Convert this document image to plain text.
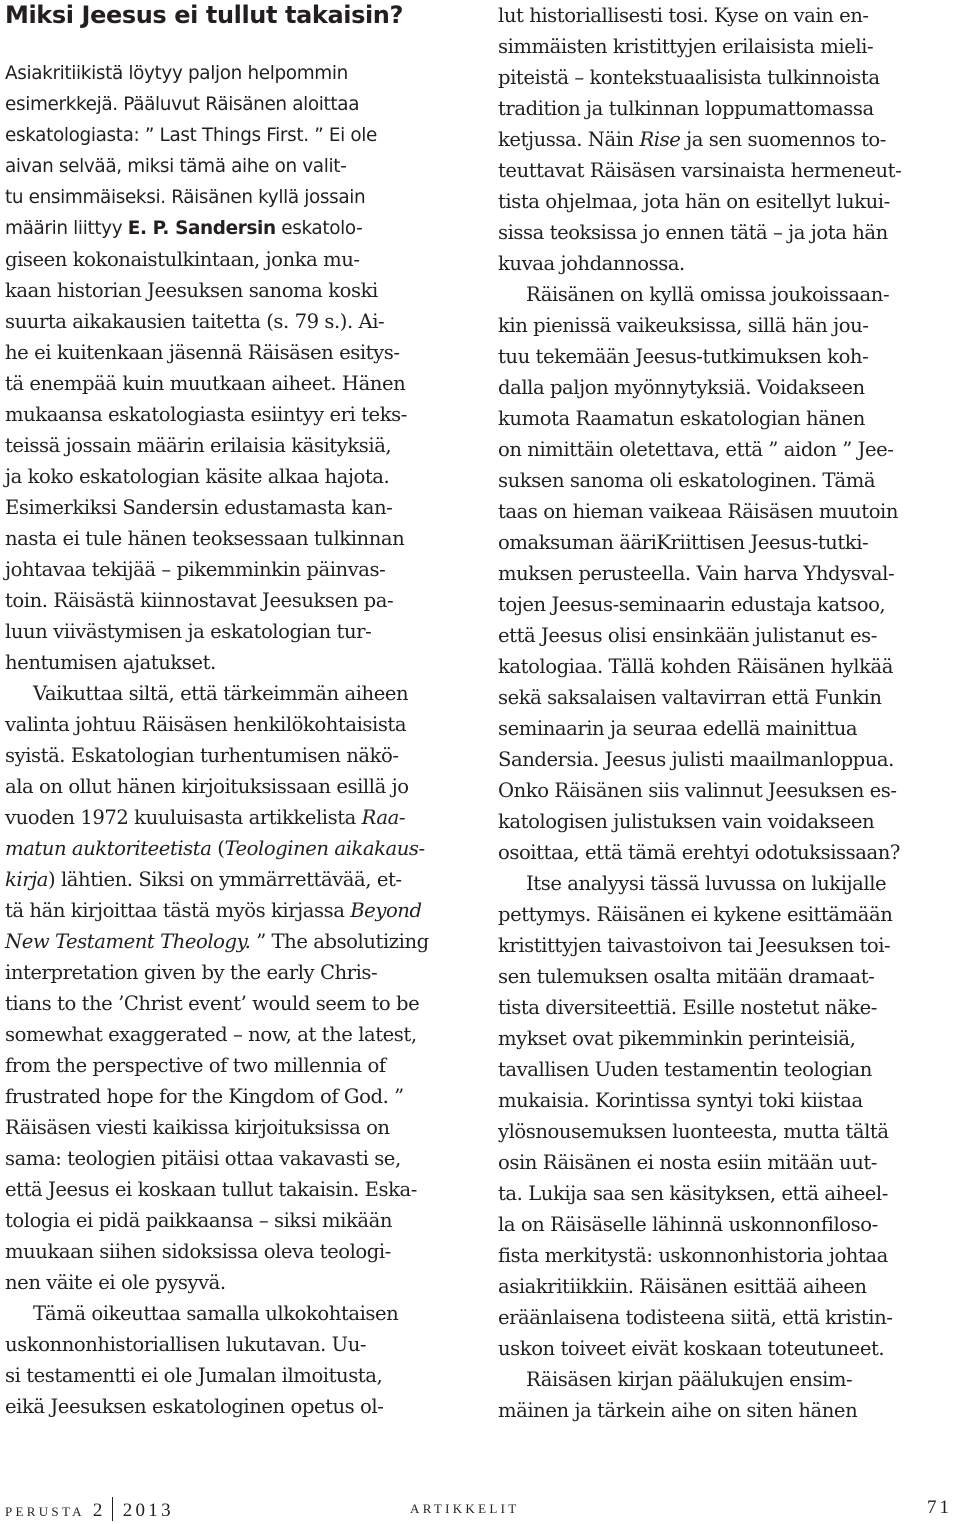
Miksi Jeesus ei tullut takaisin?
Asiakritiikistä löytyy paljon helpommin
esimerkkejä. Pääluvut Räisänen aloittaa
eskatologiasta: ” Last Things First. ” Ei ole
aivan selvää, miksi tämä aihe on valit-
tu ensimmäiseksi. Räisänen kyllä jossain
määrin liittyy E. P. Sandersin eskatolo-
giseen kokonaistulkintaan, jonka mu-
kaan historian Jeesuksen sanoma koski
suurta aikakausien taitetta (s. 79 s.). Ai-
he ei kuitenkaan jäsennä Räisäsen esitys-
tä enempää kuin muutkaan aiheet. Hänen
mukaansa eskatologiasta esiintyy eri teks-
teissä jossain määrin erilaisia käsityksiä,
ja koko eskatologian käsite alkaa hajota.
Esimerkiksi Sandersin edustamasta kan-
nasta ei tule hänen teoksessaan tulkinnan
johtavaa tekijää – pikemminkin päinvas-
toin. Räisästä kiinnostavat Jeesuksen pa-
luun viivästymisen ja eskatologian tur-
hentumisen ajatukset.
Vaikuttaa siltä, että tärkeimmän aiheen
valinta johtuu Räisäsen henkilökohtaisista
syistä. Eskatologian turhentumisen näkö-
ala on ollut hänen kirjoituksissaan esillä jo
vuoden 1972 kuuluisasta artikkelista Raa-
matun auktoriteetista (Teologinen aikakaus-
kirja) lähtien. Siksi on ymmärrettävää, et-
tä hän kirjoittaa tästä myös kirjassa Beyond
New Testament Theology. ” The absolutizing
interpretation given by the early Chris-
tians to the ’Christ event’ would seem to be
somewhat exaggerated – now, at the latest,
from the perspective of two millennia of
frustrated hope for the Kingdom of God. ”
Räisäsen viesti kaikissa kirjoituksissa on
sama: teologien pitäisi ottaa vakavasti se,
että Jeesus ei koskaan tullut takaisin. Eska-
tologia ei pidä paikkaansa – siksi mikään
muukaan siihen sidoksissa oleva teologi-
nen väite ei ole pysyvä.
Tämä oikeuttaa samalla ulkokohtaisen
uskonnonhistoriallisen lukutavan. Uu-
si testamentti ei ole Jumalan ilmoitusta,
eikä Jeesuksen eskatologinen opetus ol-
lut historiallisesti tosi. Kyse on vain en-
simmäisten kristittyjen erilaisista mieli-
piteistä – kontekstuaalisista tulkinnoista
tradition ja tulkinnan loppumattomassa
ketjussa. Näin Rise ja sen suomennos to-
teuttavat Räisäsen varsinaista hermeneut-
tista ohjelmaa, jota hän on esitellyt lukui-
sissa teoksissa jo ennen tätä – ja jota hän
kuvaa johdannossa.
Räisänen on kyllä omissa joukoissaan-
kin pienissä vaikeuksissa, sillä hän jou-
tuu tekemään Jeesus-tutkimuksen koh-
dalla paljon myönnytyksiä. Voidakseen
kumota Raamatun eskatologian hänen
on nimittäin oletettava, että ” aidon ” Jee-
suksen sanoma oli eskatologinen. Tämä
taas on hieman vaikeaa Räisäsen muutoin
omaksuman ääriKriittisen Jeesus-tutki-
muksen perusteella. Vain harva Yhdysval-
tojen Jeesus-seminaarin edustaja katsoo,
että Jeesus olisi ensinkään julistanut es-
katologiaa. Tällä kohden Räisänen hylkää
sekä saksalaisen valtavirran että Funkin
seminaarin ja seuraa edellä mainittua
Sandersia. Jeesus julisti maailmanloppua.
Onko Räisänen siis valinnut Jeesuksen es-
katologisen julistuksen vain voidakseen
osoittaa, että tämä erehtyi odotuksissaan?
Itse analyysi tässä luvussa on lukijalle
pettymys. Räisänen ei kykene esittämään
kristittyjen taivastoivon tai Jeesuksen toi-
sen tulemuksen osalta mitään dramaat-
tista diversiteettiä. Esille nostetut näke-
mykset ovat pikemminkin perinteisiä,
tavallisen Uuden testamentin teologian
mukaisia. Korintissa syntyi toki kiistaa
ylösnousemuksen luonteesta, mutta tältä
osin Räisänen ei nosta esiin mitään uut-
ta. Lukija saa sen käsityksen, että aiheel-
la on Räisäselle lähinnä uskonnonfiloso-
fista merkitystä: uskonnonhistoria johtaa
asiakritiikkiin. Räisänen esittää aiheen
eräänlaisena todisteena siitä, että kristin-
uskon toiveet eivät koskaan toteutuneet.
Räisäsen kirjan päälukujen ensim-
mäinen ja tärkein aihe on siten hänen
perusta 2 2013	artikkelit	71
